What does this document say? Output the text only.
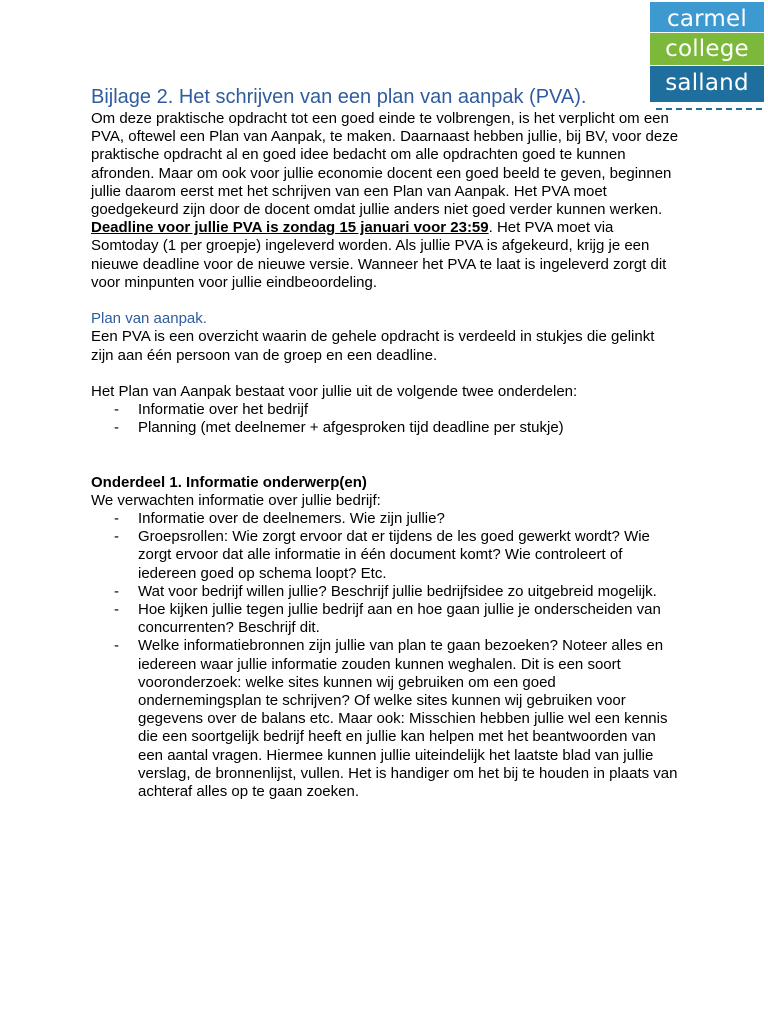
carmel
college
salland
Bijlage 2. Het schrijven van een plan van aanpak (PVA).

Om deze praktische opdracht tot een goed einde te volbrengen, is het verplicht om een PVA, oftewel een Plan van Aanpak, te maken. Daarnaast hebben jullie, bij BV, voor deze praktische opdracht al en goed idee bedacht om alle opdrachten goed te kunnen afronden. Maar om ook voor jullie economie docent een goed beeld te geven, beginnen jullie daarom eerst met het schrijven van een Plan van Aanpak. Het PVA moet goedgekeurd zijn door de docent omdat jullie anders niet goed verder kunnen werken. Deadline voor jullie PVA is zondag 15 januari voor 23:59. Het PVA moet via Somtoday (1 per groepje) ingeleverd worden. Als jullie PVA is afgekeurd, krijg je een nieuwe deadline voor de nieuwe versie. Wanneer het PVA te laat is ingeleverd zorgt dit voor minpunten voor jullie eindbeoordeling.

Plan van aanpak.

Een PVA is een overzicht waarin de gehele opdracht is verdeeld in stukjes die gelinkt zijn aan één persoon van de groep en een deadline.

Het Plan van Aanpak bestaat voor jullie uit de volgende twee onderdelen:

- Informatie over het bedrijf
- Planning (met deelnemer + afgesproken tijd deadline per stukje)

Onderdeel 1. Informatie onderwerp(en)

We verwachten informatie over jullie bedrijf:

- Informatie over de deelnemers. Wie zijn jullie?
- Groepsrollen: Wie zorgt ervoor dat er tijdens de les goed gewerkt wordt? Wie zorgt ervoor dat alle informatie in één document komt? Wie controleert of iedereen goed op schema loopt? Etc.
- Wat voor bedrijf willen jullie? Beschrijf jullie bedrijfsidee zo uitgebreid mogelijk.
- Hoe kijken jullie tegen jullie bedrijf aan en hoe gaan jullie je onderscheiden van concurrenten? Beschrijf dit.
- Welke informatiebronnen zijn jullie van plan te gaan bezoeken? Noteer alles en iedereen waar jullie informatie zouden kunnen weghalen. Dit is een soort vooronderzoek: welke sites kunnen wij gebruiken om een goed ondernemingsplan te schrijven? Of welke sites kunnen wij gebruiken voor gegevens over de balans etc. Maar ook: Misschien hebben jullie wel een kennis die een soortgelijk bedrijf heeft en jullie kan helpen met het beantwoorden van een aantal vragen. Hiermee kunnen jullie uiteindelijk het laatste blad van jullie verslag, de bronnenlijst, vullen. Het is handiger om het bij te houden in plaats van achteraf alles op te gaan zoeken.
